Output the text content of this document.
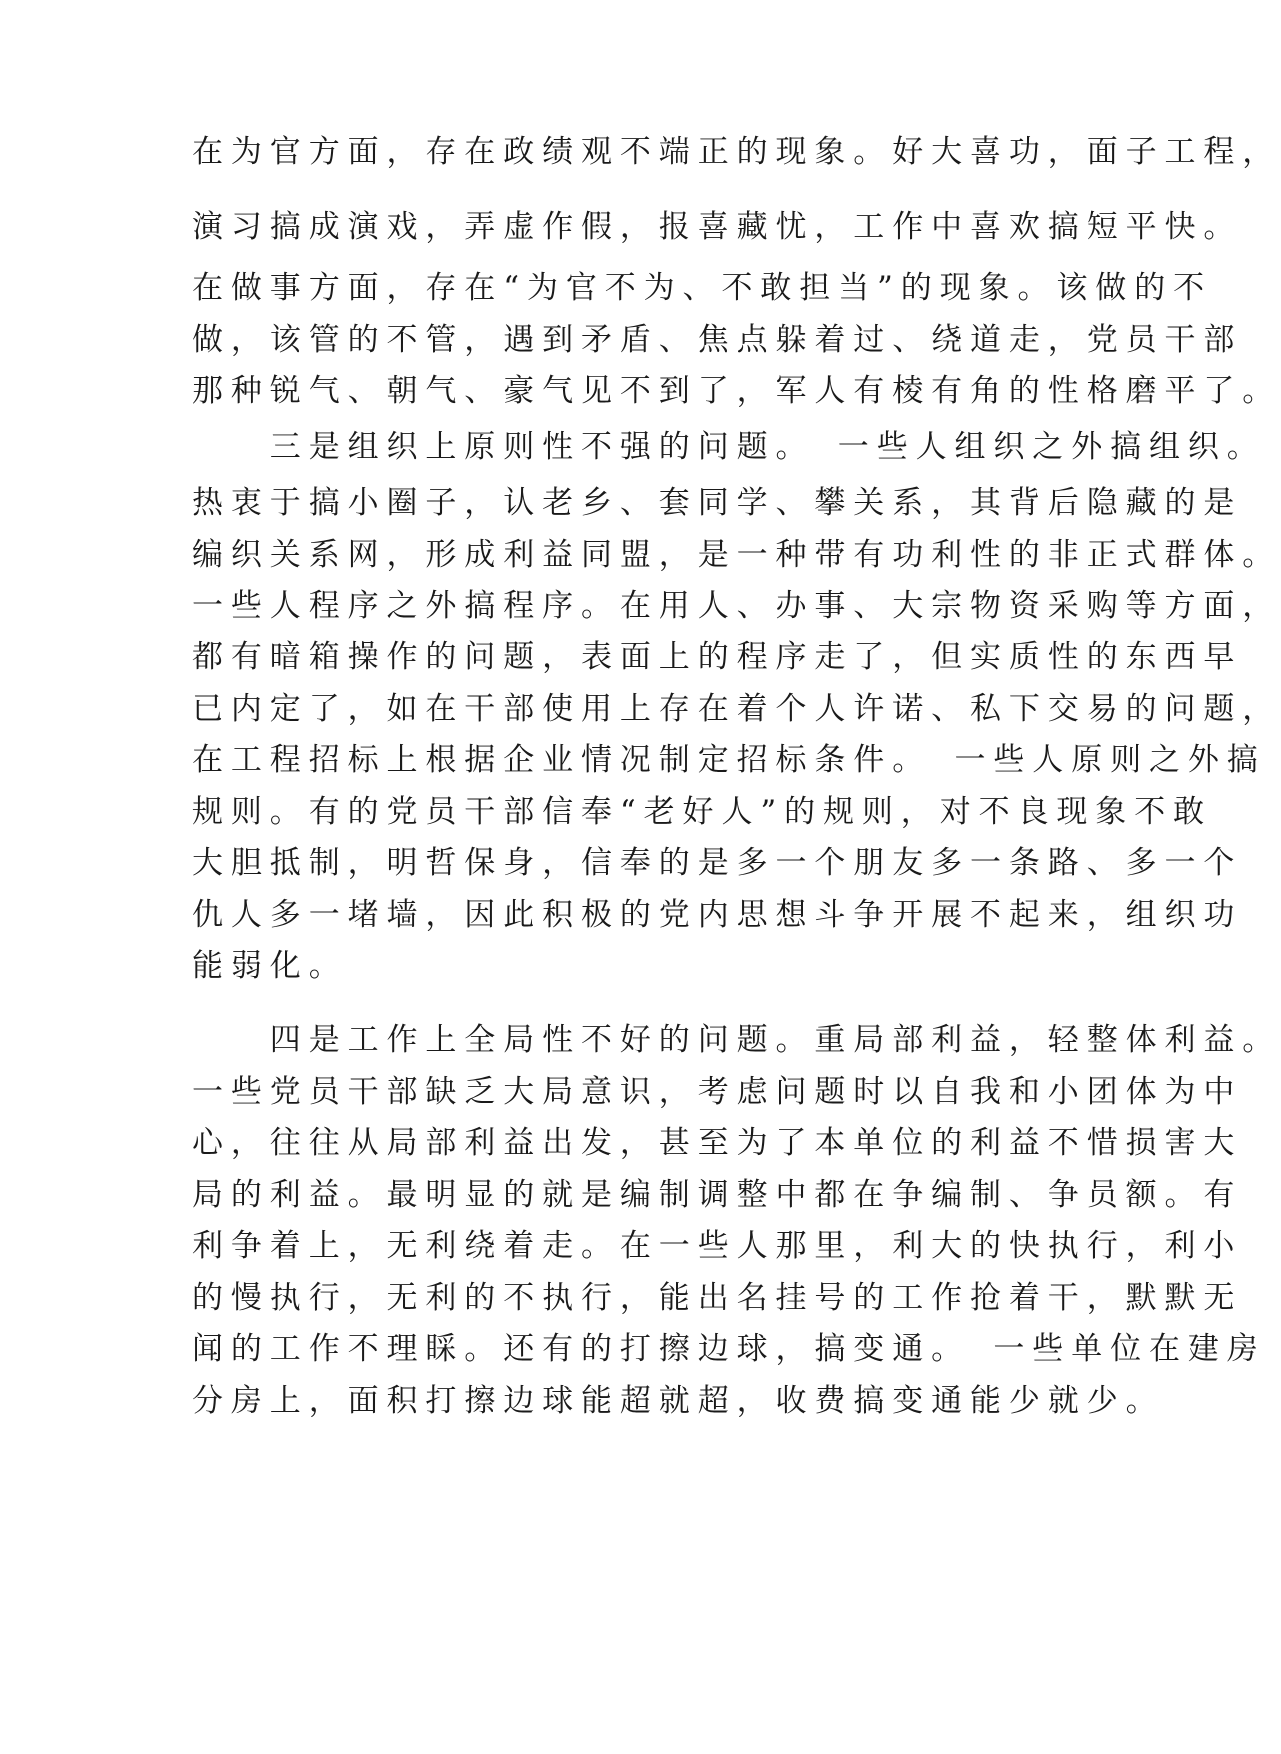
在为官方面，存在政绩观不端正的现象。好大喜功，面子工程，
演习搞成演戏，弄虚作假，报喜藏忧，工作中喜欢搞短平快。
在做事方面，存在“为官不为、不敢担当”的现象。该做的不
做，该管的不管，遇到矛盾、焦点躲着过、绕道走，党员干部
那种锐气、朝气、豪气见不到了，军人有棱有角的性格磨平了。
　　三是组织上原则性不强的问题。　一些人组织之外搞组织。
热衷于搞小圈子，认老乡、套同学、攀关系，其背后隐藏的是
编织关系网，形成利益同盟，是一种带有功利性的非正式群体。
一些人程序之外搞程序。在用人、办事、大宗物资采购等方面，
都有暗箱操作的问题，表面上的程序走了，但实质性的东西早
已内定了，如在干部使用上存在着个人许诺、私下交易的问题，
在工程招标上根据企业情况制定招标条件。　一些人原则之外搞
规则。有的党员干部信奉“老好人”的规则，对不良现象不敢
大胆抵制，明哲保身，信奉的是多一个朋友多一条路、多一个
仇人多一堵墙，因此积极的党内思想斗争开展不起来，组织功
能弱化。
　　四是工作上全局性不好的问题。重局部利益，轻整体利益。
一些党员干部缺乏大局意识，考虑问题时以自我和小团体为中
心，往往从局部利益出发，甚至为了本单位的利益不惜损害大
局的利益。最明显的就是编制调整中都在争编制、争员额。有
利争着上，无利绕着走。在一些人那里，利大的快执行，利小
的慢执行，无利的不执行，能出名挂号的工作抢着干，默默无
闻的工作不理睬。还有的打擦边球，搞变通。　一些单位在建房
分房上，面积打擦边球能超就超，收费搞变通能少就少。
